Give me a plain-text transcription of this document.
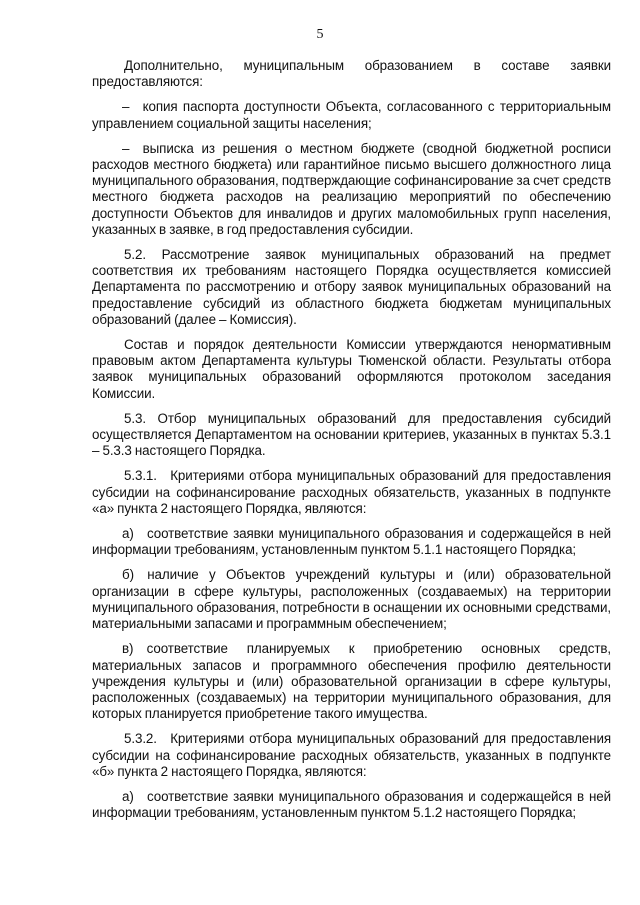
5

Дополнительно, муниципальным образованием в составе заявки предоставляются:

– копия паспорта доступности Объекта, согласованного с территориальным управлением социальной защиты населения;

– выписка из решения о местном бюджете (сводной бюджетной росписи расходов местного бюджета) или гарантийное письмо высшего должностного лица муниципального образования, подтверждающие софинансирование за счет средств местного бюджета расходов на реализацию мероприятий по обеспечению доступности Объектов для инвалидов и других маломобильных групп населения, указанных в заявке, в год предоставления субсидии.

5.2. Рассмотрение заявок муниципальных образований на предмет соответствия их требованиям настоящего Порядка осуществляется комиссией Департамента по рассмотрению и отбору заявок муниципальных образований на предоставление субсидий из областного бюджета бюджетам муниципальных образований (далее – Комиссия).

Состав и порядок деятельности Комиссии утверждаются ненормативным правовым актом Департамента культуры Тюменской области. Результаты отбора заявок муниципальных образований оформляются протоколом заседания Комиссии.

5.3. Отбор муниципальных образований для предоставления субсидий осуществляется Департаментом на основании критериев, указанных в пунктах 5.3.1 – 5.3.3 настоящего Порядка.

5.3.1. Критериями отбора муниципальных образований для предоставления субсидии на софинансирование расходных обязательств, указанных в подпункте «а» пункта 2 настоящего Порядка, являются:

а) соответствие заявки муниципального образования и содержащейся в ней информации требованиям, установленным пунктом 5.1.1 настоящего Порядка;

б) наличие у Объектов учреждений культуры и (или) образовательной организации в сфере культуры, расположенных (создаваемых) на территории муниципального образования, потребности в оснащении их основными средствами, материальными запасами и программным обеспечением;

в) соответствие планируемых к приобретению основных средств, материальных запасов и программного обеспечения профилю деятельности учреждения культуры и (или) образовательной организации в сфере культуры, расположенных (создаваемых) на территории муниципального образования, для которых планируется приобретение такого имущества.

5.3.2. Критериями отбора муниципальных образований для предоставления субсидии на софинансирование расходных обязательств, указанных в подпункте «б» пункта 2 настоящего Порядка, являются:

а) соответствие заявки муниципального образования и содержащейся в ней информации требованиям, установленным пунктом 5.1.2 настоящего Порядка;
